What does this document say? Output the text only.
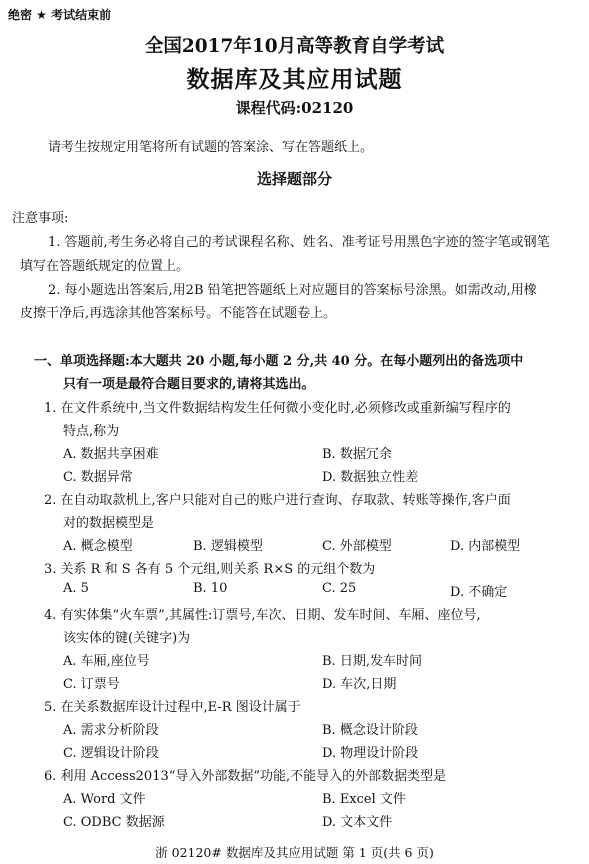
绝密 ★ 考试结束前
全国2017年10月高等教育自学考试
数据库及其应用试题
课程代码:02120
请考生按规定用笔将所有试题的答案涂、写在答题纸上。
选择题部分
注意事项:
1. 答题前,考生务必将自己的考试课程名称、姓名、准考证号用黑色字迹的签字笔或钢笔
填写在答题纸规定的位置上。
2. 每小题选出答案后,用2B 铅笔把答题纸上对应题目的答案标号涂黑。如需改动,用橡
皮擦干净后,再选涂其他答案标号。不能答在试题卷上。
一、单项选择题:本大题共 20 小题,每小题 2 分,共 40 分。在每小题列出的备选项中
只有一项是最符合题目要求的,请将其选出。
1. 在文件系统中,当文件数据结构发生任何微小变化时,必须修改或重新编写程序的
特点,称为
A. 数据共享困难	B. 数据冗余
C. 数据异常	D. 数据独立性差
2. 在自动取款机上,客户只能对自己的账户进行查询、存取款、转账等操作,客户面
对的数据模型是
A. 概念模型	B. 逻辑模型	C. 外部模型	D. 内部模型
3. 关系 R 和 S 各有 5 个元组,则关系 R×S 的元组个数为
A. 5	B. 10	C. 25	D. 不确定
4. 有实体集“火车票”,其属性:订票号,车次、日期、发车时间、车厢、座位号,
该实体的键(关键字)为
A. 车厢,座位号	B. 日期,发车时间
C. 订票号	D. 车次,日期
5. 在关系数据库设计过程中,E-R 图设计属于
A. 需求分析阶段	B. 概念设计阶段
C. 逻辑设计阶段	D. 物理设计阶段
6. 利用 Access2013“导入外部数据”功能,不能导入的外部数据类型是
A. Word 文件	B. Excel 文件
C. ODBC 数据源	D. 文本文件
浙 02120# 数据库及其应用试题 第 1 页(共 6 页)
